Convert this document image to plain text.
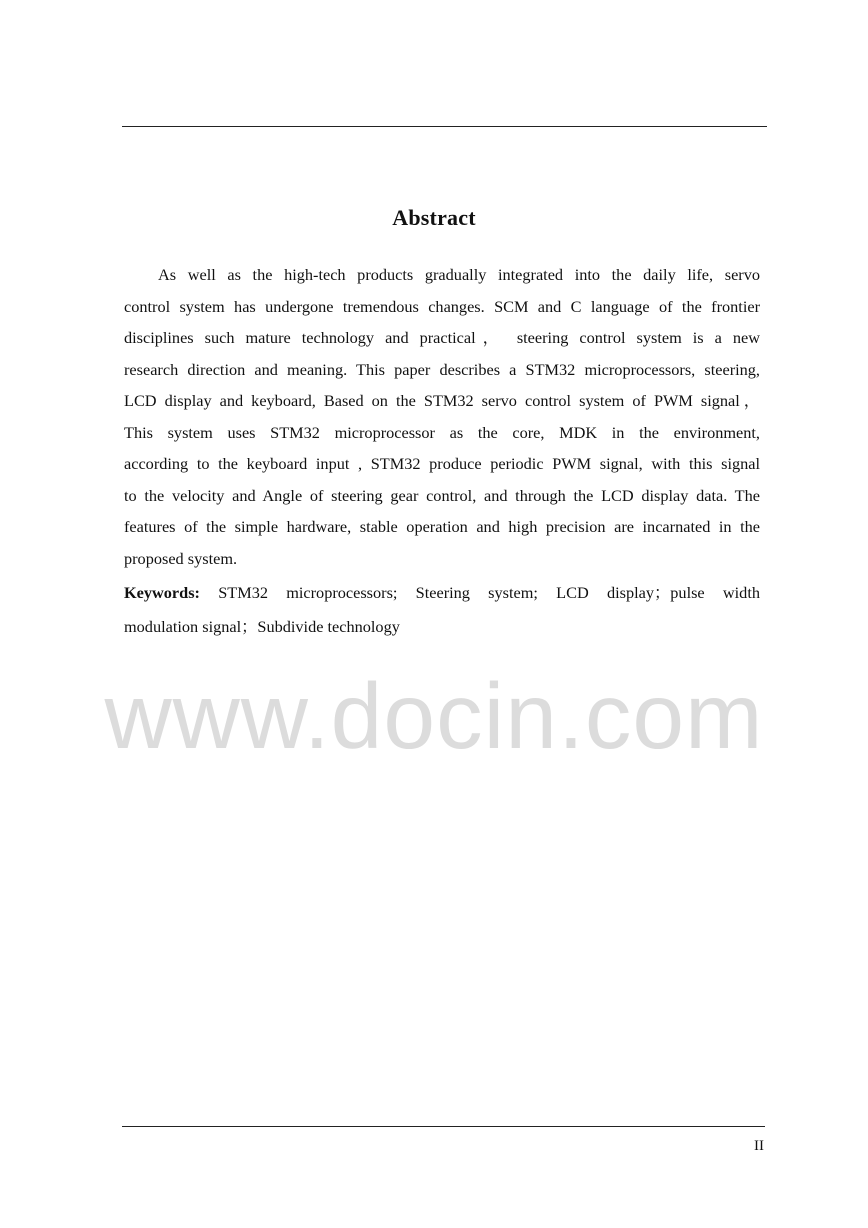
Abstract
As well as the high-tech products gradually integrated into the daily life, servo
control system has undergone tremendous changes. SCM and C language of the frontier
disciplines such mature technology and practical， steering control system is a new
research direction and meaning. This paper describes a STM32 microprocessors, steering,
LCD display and keyboard, Based on the STM32 servo control system of PWM signal，
This system uses STM32 microprocessor as the core, MDK in the environment,
according to the keyboard input , STM32 produce periodic PWM signal, with this signal
to the velocity and Angle of steering gear control, and through the LCD display data. The
features of the simple hardware, stable operation and high precision are incarnated in the
proposed system.
Keywords: STM32 microprocessors; Steering system; LCD display；pulse width
modulation signal；Subdivide technology
www.docin.com
II
